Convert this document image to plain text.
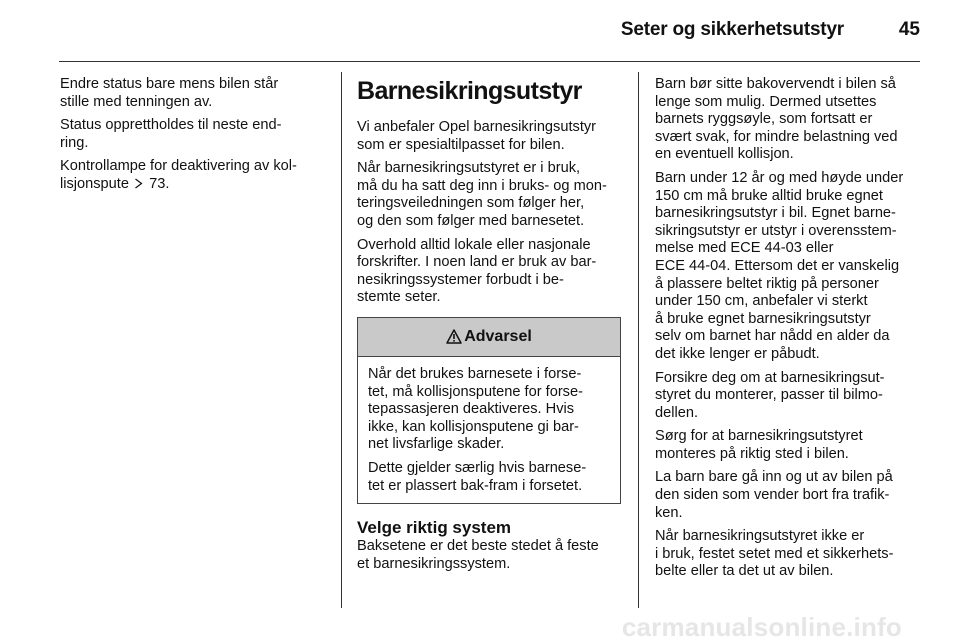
Seter og sikkerhetsutstyr	45
Endre status bare mens bilen står
stille med tenningen av.
Status opprettholdes til neste end-
ring.
Kontrollampe for deaktivering av kol-
lisjonspute 73.
Barnesikringsutstyr
Vi anbefaler Opel barnesikringsutstyr
som er spesialtilpasset for bilen.
Når barnesikringsutstyret er i bruk,
må du ha satt deg inn i bruks- og mon-
teringsveiledningen som følger her,
og den som følger med barnesetet.
Overhold alltid lokale eller nasjonale
forskrifter. I noen land er bruk av bar-
nesikringssystemer forbudt i be-
stemte seter.
Advarsel
Når det brukes barnesete i forse-
tet, må kollisjonsputene for forse-
tepassasjeren deaktiveres. Hvis
ikke, kan kollisjonsputene gi bar-
net livsfarlige skader.
Dette gjelder særlig hvis barnese-
tet er plassert bak-fram i forsetet.
Velge riktig system
Baksetene er det beste stedet å feste
et barnesikringssystem.
Barn bør sitte bakovervendt i bilen så
lenge som mulig. Dermed utsettes
barnets ryggsøyle, som fortsatt er
svært svak, for mindre belastning ved
en eventuell kollisjon.
Barn under 12 år og med høyde under
150 cm må bruke alltid bruke egnet
barnesikringsutstyr i bil. Egnet barne-
sikringsutstyr er utstyr i overensstem-
melse med ECE 44-03 eller
ECE 44-04. Ettersom det er vanskelig
å plassere beltet riktig på personer
under 150 cm, anbefaler vi sterkt
å bruke egnet barnesikringsutstyr
selv om barnet har nådd en alder da
det ikke lenger er påbudt.
Forsikre deg om at barnesikringsut-
styret du monterer, passer til bilmo-
dellen.
Sørg for at barnesikringsutstyret
monteres på riktig sted i bilen.
La barn bare gå inn og ut av bilen på
den siden som vender bort fra trafik-
ken.
Når barnesikringsutstyret ikke er
i bruk, festet setet med et sikkerhets-
belte eller ta det ut av bilen.
carmanualsonline.info
